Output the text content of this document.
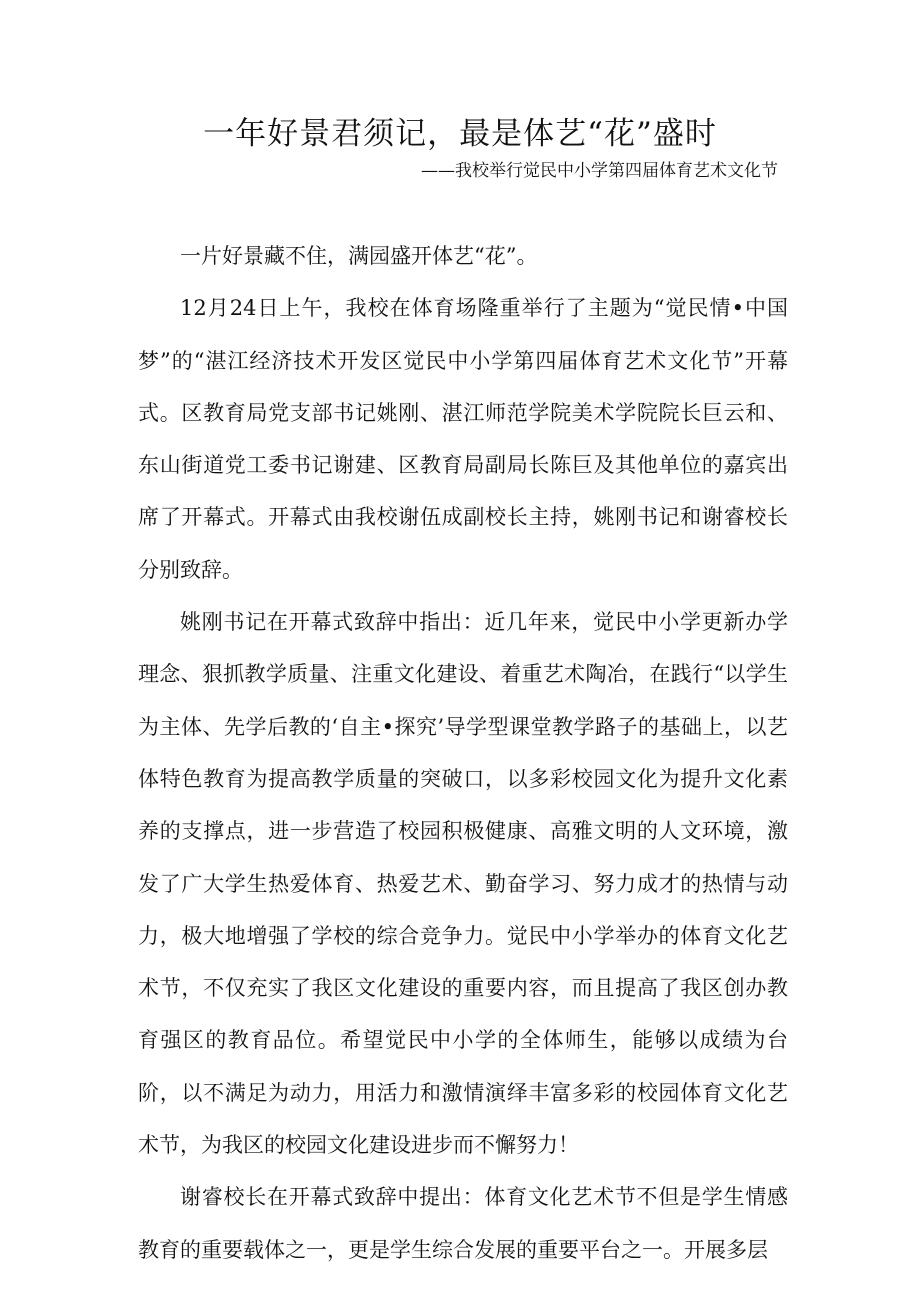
一年好景君须记，最是体艺“花”盛时
——我校举行觉民中小学第四届体育艺术文化节

一片好景藏不住，满园盛开体艺“花”。

12月24日上午，我校在体育场隆重举行了主题为“觉民情•中国梦”的“湛江经济技术开发区觉民中小学第四届体育艺术文化节”开幕式。区教育局党支部书记姚刚、湛江师范学院美术学院院长巨云和、东山街道党工委书记谢建、区教育局副局长陈巨及其他单位的嘉宾出席了开幕式。开幕式由我校谢伍成副校长主持，姚刚书记和谢睿校长分别致辞。

姚刚书记在开幕式致辞中指出：近几年来，觉民中小学更新办学理念、狠抓教学质量、注重文化建设、着重艺术陶冶，在践行“以学生为主体、先学后教的‘自主•探究’导学型课堂教学路子的基础上，以艺体特色教育为提高教学质量的突破口，以多彩校园文化为提升文化素养的支撑点，进一步营造了校园积极健康、高雅文明的人文环境，激发了广大学生热爱体育、热爱艺术、勤奋学习、努力成才的热情与动力，极大地增强了学校的综合竞争力。觉民中小学举办的体育文化艺术节，不仅充实了我区文化建设的重要内容，而且提高了我区创办教育强区的教育品位。希望觉民中小学的全体师生，能够以成绩为台阶，以不满足为动力，用活力和激情演绎丰富多彩的校园体育文化艺术节，为我区的校园文化建设进步而不懈努力！

谢睿校长在开幕式致辞中提出：体育文化艺术节不但是学生情感教育的重要载体之一，更是学生综合发展的重要平台之一。开展多层
